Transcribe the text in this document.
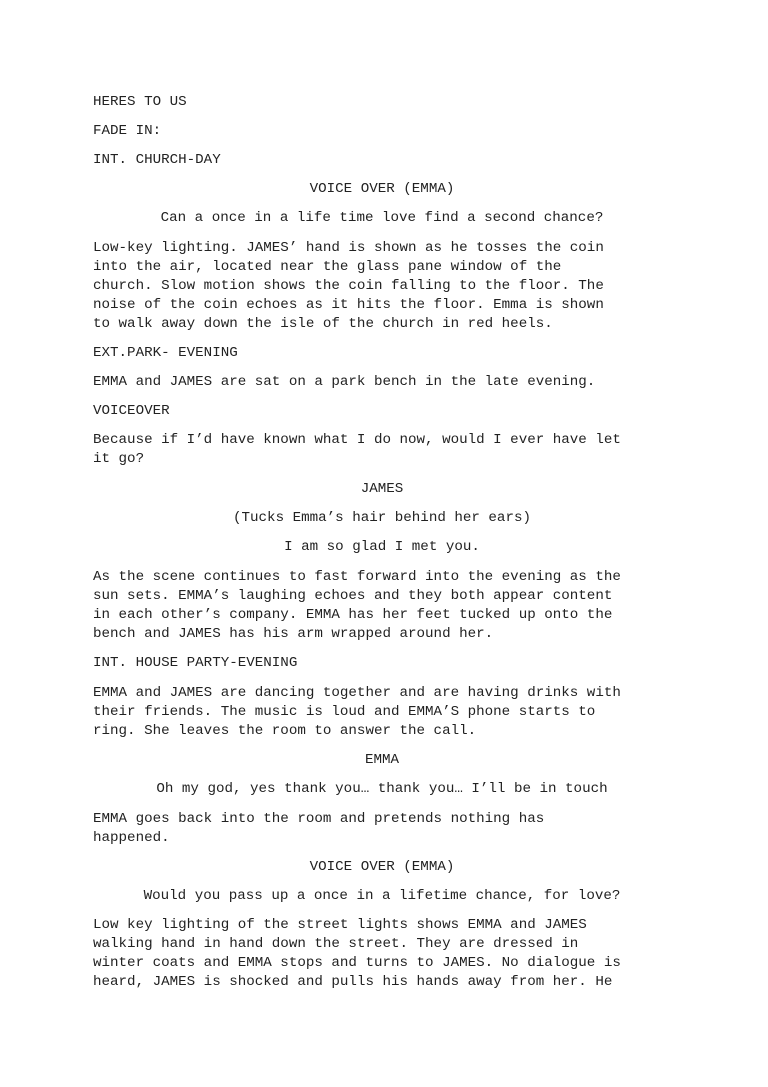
HERES TO US
FADE IN:
INT. CHURCH-DAY
VOICE OVER (EMMA)
Can a once in a life time love find a second chance?
Low-key lighting. JAMES’ hand is shown as he tosses the coin
into the air, located near the glass pane window of the
church. Slow motion shows the coin falling to the floor. The
noise of the coin echoes as it hits the floor. Emma is shown
to walk away down the isle of the church in red heels.
EXT.PARK- EVENING
EMMA and JAMES are sat on a park bench in the late evening.
VOICEOVER
Because if I’d have known what I do now, would I ever have let
it go?
JAMES
(Tucks Emma’s hair behind her ears)
I am so glad I met you.
As the scene continues to fast forward into the evening as the
sun sets. EMMA’s laughing echoes and they both appear content
in each other’s company. EMMA has her feet tucked up onto the
bench and JAMES has his arm wrapped around her.
INT. HOUSE PARTY-EVENING
EMMA and JAMES are dancing together and are having drinks with
their friends. The music is loud and EMMA’S phone starts to
ring. She leaves the room to answer the call.
EMMA
Oh my god, yes thank you… thank you… I’ll be in touch
EMMA goes back into the room and pretends nothing has
happened.
VOICE OVER (EMMA)
Would you pass up a once in a lifetime chance, for love?
Low key lighting of the street lights shows EMMA and JAMES
walking hand in hand down the street. They are dressed in
winter coats and EMMA stops and turns to JAMES. No dialogue is
heard, JAMES is shocked and pulls his hands away from her. He
